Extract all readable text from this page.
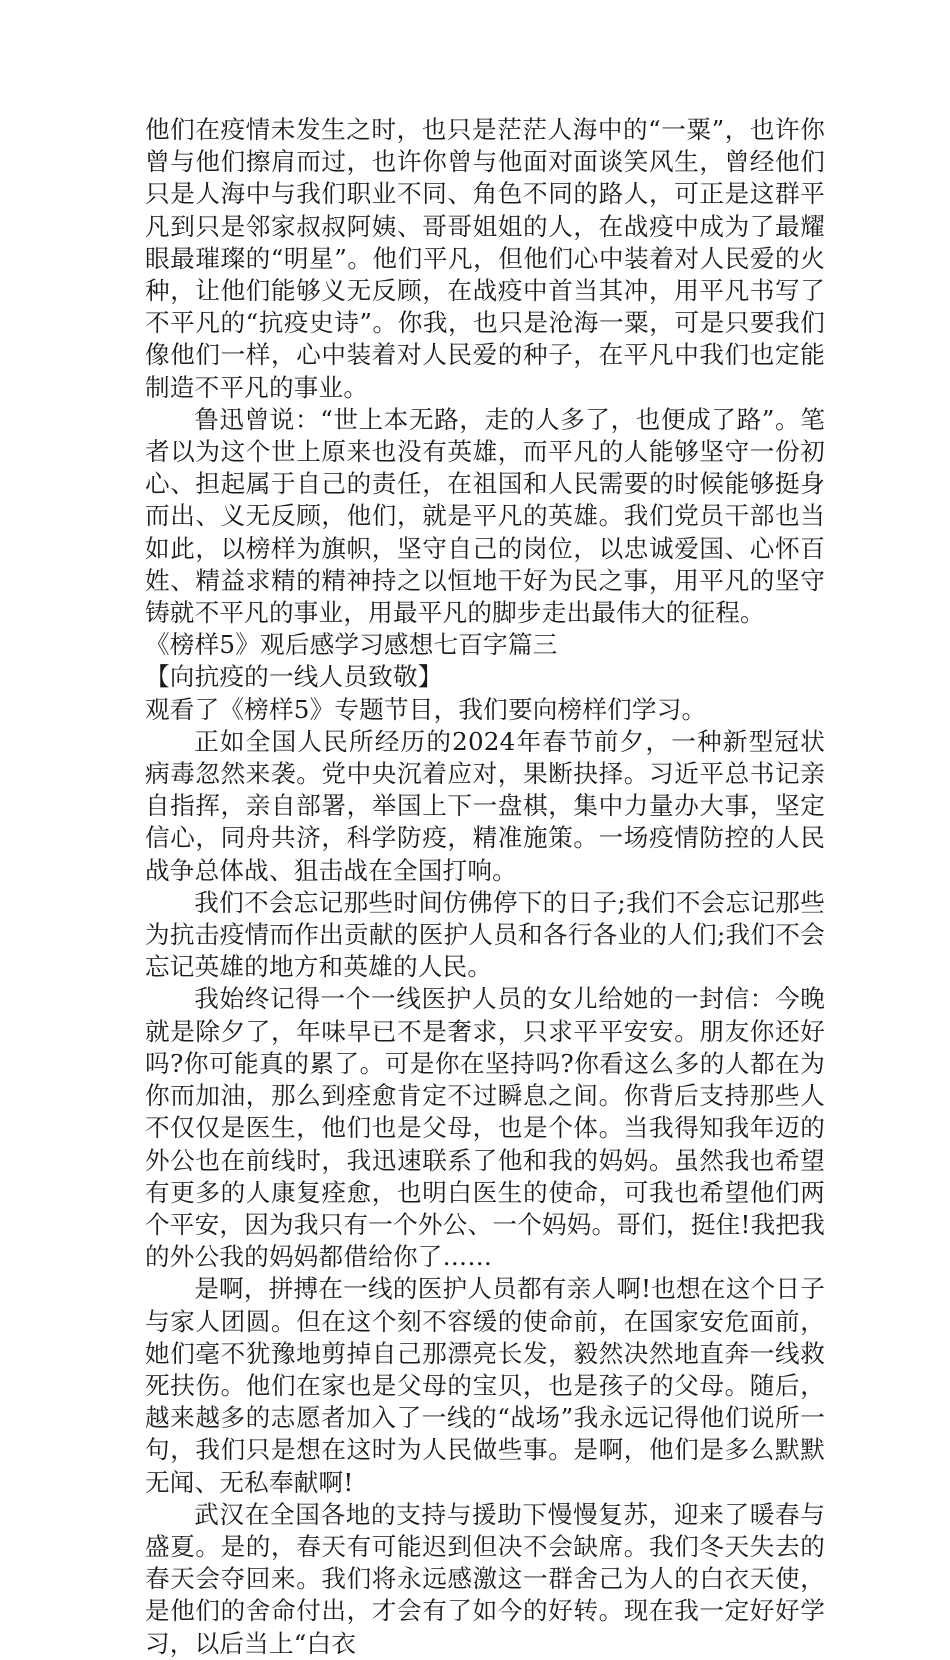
他们在疫情未发生之时，也只是茫茫人海中的“一粟”，也许你曾与他们擦肩而过，也许你曾与他面对面谈笑风生，曾经他们只是人海中与我们职业不同、角色不同的路人，可正是这群平凡到只是邻家叔叔阿姨、哥哥姐姐的人，在战疫中成为了最耀眼最璀璨的“明星”。他们平凡，但他们心中装着对人民爱的火种，让他们能够义无反顾，在战疫中首当其冲，用平凡书写了不平凡的“抗疫史诗”。你我，也只是沧海一粟，可是只要我们像他们一样，心中装着对人民爱的种子，在平凡中我们也定能制造不平凡的事业。

鲁迅曾说：“世上本无路，走的人多了，也便成了路”。笔者以为这个世上原来也没有英雄，而平凡的人能够坚守一份初心、担起属于自己的责任，在祖国和人民需要的时候能够挺身而出、义无反顾，他们，就是平凡的英雄。我们党员干部也当如此，以榜样为旗帜，坚守自己的岗位，以忠诚爱国、心怀百姓、精益求精的精神持之以恒地干好为民之事，用平凡的坚守铸就不平凡的事业，用最平凡的脚步走出最伟大的征程。

《榜样5》观后感学习感想七百字篇三

【向抗疫的一线人员致敬】

观看了《榜样5》专题节目，我们要向榜样们学习。

正如全国人民所经历的2024年春节前夕，一种新型冠状病毒忽然来袭。党中央沉着应对，果断抉择。习近平总书记亲自指挥，亲自部署，举国上下一盘棋，集中力量办大事，坚定信心，同舟共济，科学防疫，精准施策。一场疫情防控的人民战争总体战、狙击战在全国打响。

我们不会忘记那些时间仿佛停下的日子;我们不会忘记那些为抗击疫情而作出贡献的医护人员和各行各业的人们;我们不会忘记英雄的地方和英雄的人民。

我始终记得一个一线医护人员的女儿给她的一封信：今晚就是除夕了，年味早已不是奢求，只求平平安安。朋友你还好吗?你可能真的累了。可是你在坚持吗?你看这么多的人都在为你而加油，那么到痊愈肯定不过瞬息之间。你背后支持那些人不仅仅是医生，他们也是父母，也是个体。当我得知我年迈的外公也在前线时，我迅速联系了他和我的妈妈。虽然我也希望有更多的人康复痊愈，也明白医生的使命，可我也希望他们两个平安，因为我只有一个外公、一个妈妈。哥们，挺住!我把我的外公我的妈妈都借给你了……

是啊，拼搏在一线的医护人员都有亲人啊!也想在这个日子与家人团圆。但在这个刻不容缓的使命前，在国家安危面前，她们毫不犹豫地剪掉自己那漂亮长发，毅然决然地直奔一线救死扶伤。他们在家也是父母的宝贝，也是孩子的父母。随后，越来越多的志愿者加入了一线的“战场”我永远记得他们说所一句，我们只是想在这时为人民做些事。是啊，他们是多么默默无闻、无私奉献啊!

武汉在全国各地的支持与援助下慢慢复苏，迎来了暖春与盛夏。是的，春天有可能迟到但决不会缺席。我们冬天失去的春天会夺回来。我们将永远感激这一群舍己为人的白衣天使，是他们的舍命付出，才会有了如今的好转。现在我一定好好学习，以后当上“白衣
